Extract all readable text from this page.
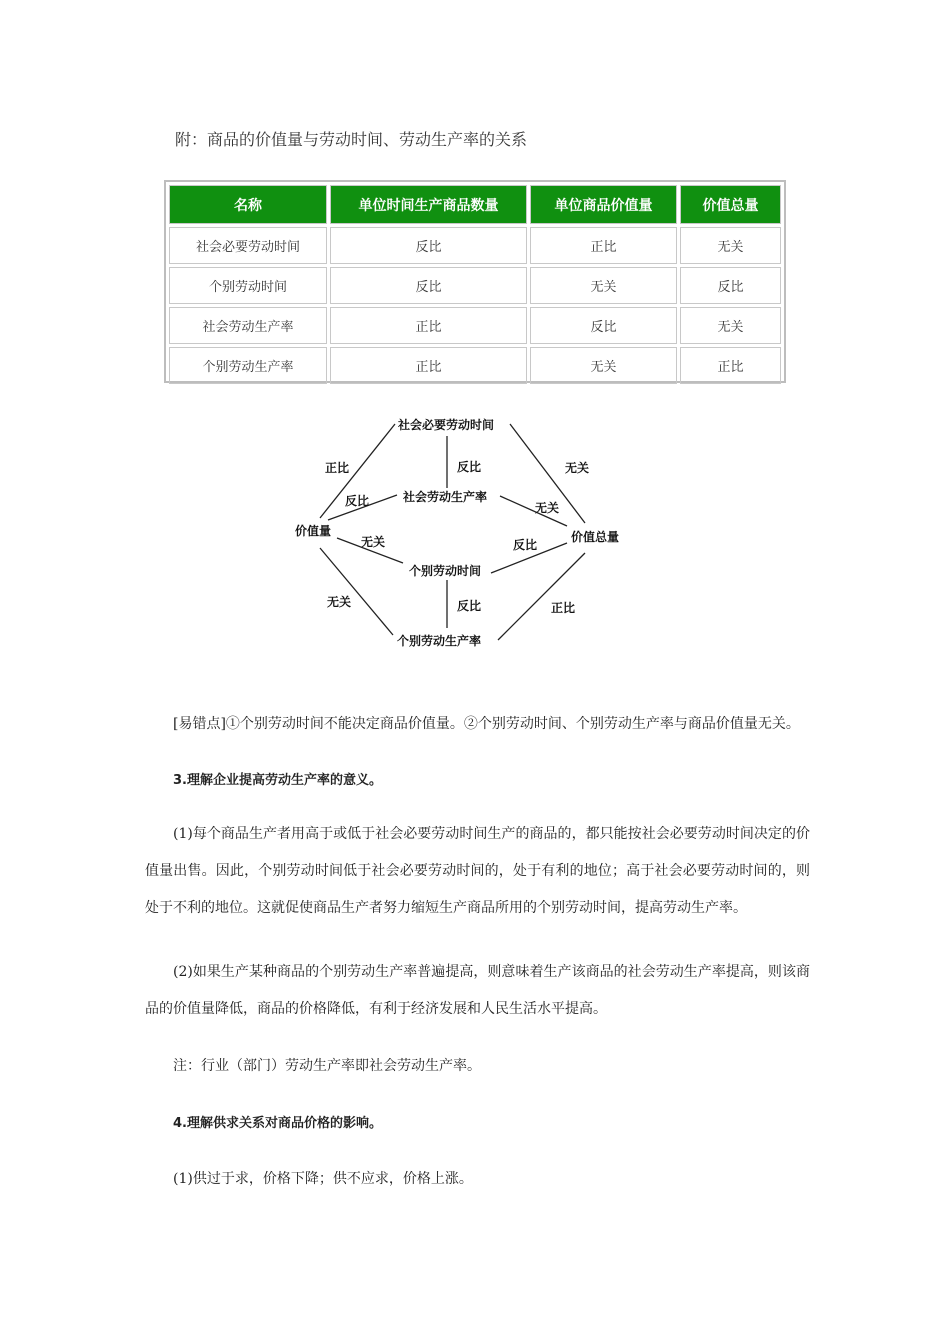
附：商品的价值量与劳动时间、劳动生产率的关系
名称	单位时间生产商品数量	单位商品价值量	价值总量
社会必要劳动时间	反比	正比	无关
个别劳动时间	反比	无关	反比
社会劳动生产率	正比	反比	无关
个别劳动生产率	正比	无关	正比
社会必要劳动时间
价值量	价值总量
社会劳动生产率
个别劳动时间
个别劳动生产率
正比	反比	无关
反比	无关
无关	反比
反比
无关	正比
[易错点]①个别劳动时间不能决定商品价值量。②个别劳动时间、个别劳动生产率与商品价值量无关。
3.理解企业提高劳动生产率的意义。
(1)每个商品生产者用高于或低于社会必要劳动时间生产的商品的，都只能按社会必要劳动时间决定的价值量出售。因此，个别劳动时间低于社会必要劳动时间的，处于有利的地位；高于社会必要劳动时间的，则处于不利的地位。这就促使商品生产者努力缩短生产商品所用的个别劳动时间，提高劳动生产率。
(2)如果生产某种商品的个别劳动生产率普遍提高，则意味着生产该商品的社会劳动生产率提高，则该商品的价值量降低，商品的价格降低，有利于经济发展和人民生活水平提高。
注：行业（部门）劳动生产率即社会劳动生产率。
4.理解供求关系对商品价格的影响。
(1)供过于求，价格下降；供不应求，价格上涨。
